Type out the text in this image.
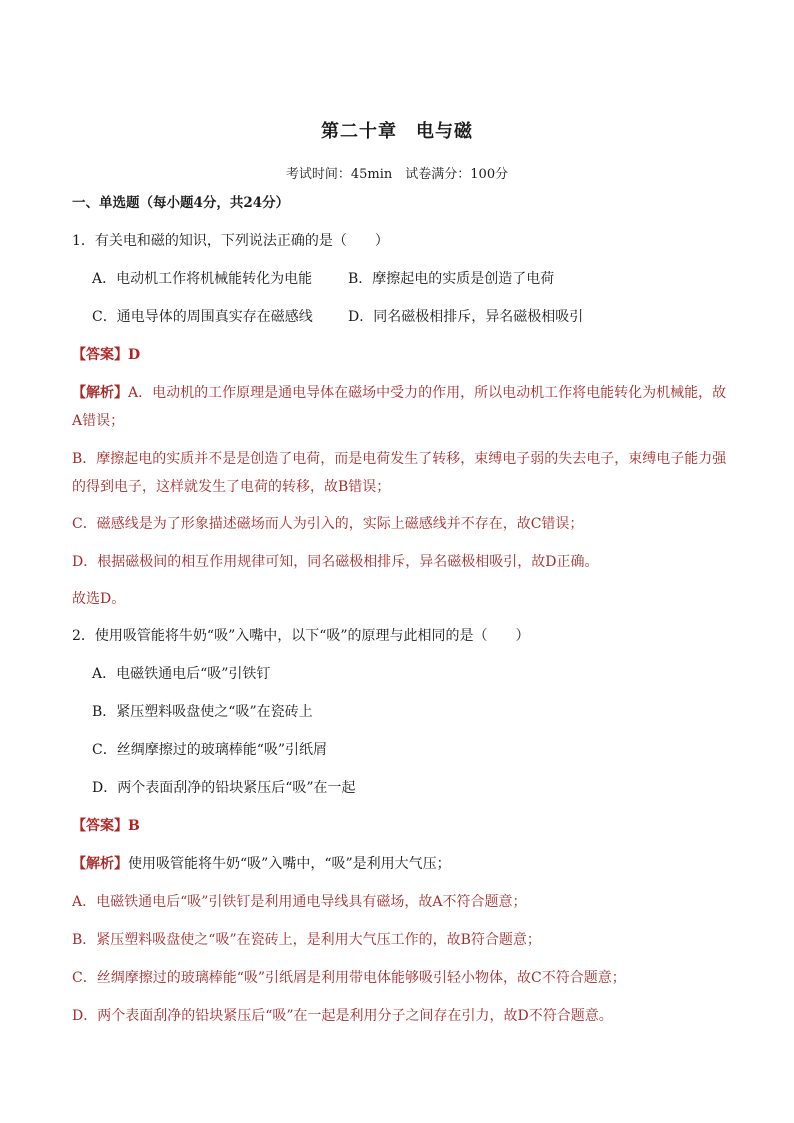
第二十章　电与磁
考试时间：45min　试卷满分：100分
一、单选题（每小题4分，共24分）
1．有关电和磁的知识，下列说法正确的是（　　）
A．电动机工作将机械能转化为电能	B．摩擦起电的实质是创造了电荷
C．通电导体的周围真实存在磁感线	D．同名磁极相排斥，异名磁极相吸引
【答案】D
【解析】A．电动机的工作原理是通电导体在磁场中受力的作用，所以电动机工作将电能转化为机械能，故
A错误；
B．摩擦起电的实质并不是是创造了电荷，而是电荷发生了转移，束缚电子弱的失去电子，束缚电子能力强
的得到电子，这样就发生了电荷的转移，故B错误；
C．磁感线是为了形象描述磁场而人为引入的，实际上磁感线并不存在，故C错误；
D．根据磁极间的相互作用规律可知，同名磁极相排斥，异名磁极相吸引，故D正确。
故选D。
2．使用吸管能将牛奶“吸”入嘴中，以下“吸”的原理与此相同的是（　　）
A．电磁铁通电后“吸”引铁钉
B．紧压塑料吸盘使之“吸”在瓷砖上
C．丝绸摩擦过的玻璃棒能“吸”引纸屑
D．两个表面刮净的铅块紧压后“吸”在一起
【答案】B
【解析】使用吸管能将牛奶“吸”入嘴中，“吸”是利用大气压；
A．电磁铁通电后“吸”引铁钉是利用通电导线具有磁场，故A不符合题意；
B．紧压塑料吸盘使之“吸”在瓷砖上，是利用大气压工作的，故B符合题意；
C．丝绸摩擦过的玻璃棒能“吸”引纸屑是利用带电体能够吸引轻小物体，故C不符合题意；
D．两个表面刮净的铅块紧压后“吸”在一起是利用分子之间存在引力，故D不符合题意。
